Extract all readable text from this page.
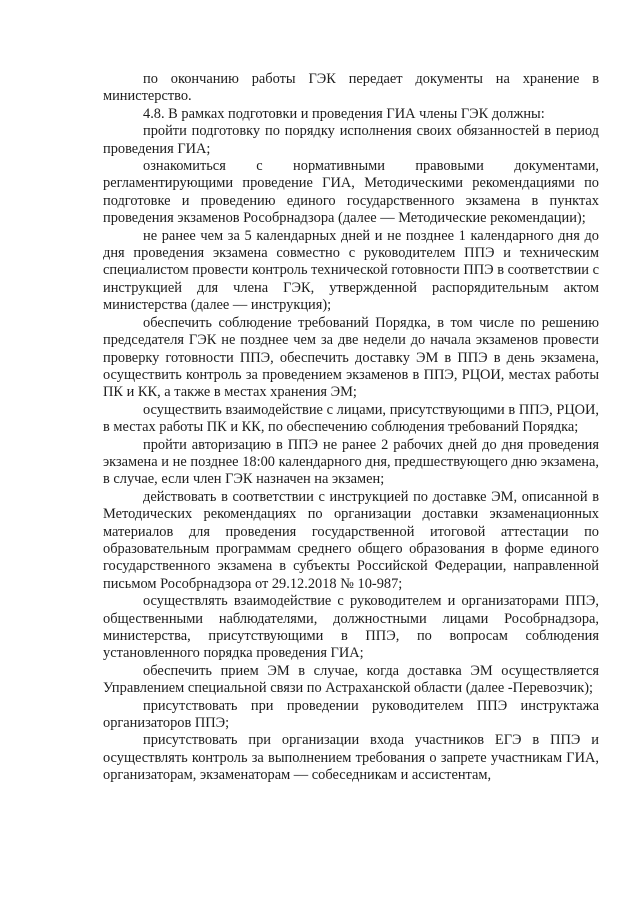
по окончанию работы ГЭК передает документы на хранение в министерство.

4.8. В рамках подготовки и проведения ГИА члены ГЭК должны:

пройти подготовку по порядку исполнения своих обязанностей в период проведения ГИА;

ознакомиться с нормативными правовыми документами, регламентирующими проведение ГИА, Методическими рекомендациями по подготовке и проведению единого государственного экзамена в пунктах проведения экзаменов Рособрнадзора (далее — Методические рекомендации);

не ранее чем за 5 календарных дней и не позднее 1 календарного дня до дня проведения экзамена совместно с руководителем ППЭ и техническим специалистом провести контроль технической готовности ППЭ в соответствии с инструкцией для члена ГЭК, утвержденной распорядительным актом министерства (далее — инструкция);

обеспечить соблюдение требований Порядка, в том числе по решению председателя ГЭК не позднее чем за две недели до начала экзаменов провести проверку готовности ППЭ, обеспечить доставку ЭМ в ППЭ в день экзамена, осуществить контроль за проведением экзаменов в ППЭ, РЦОИ, местах работы ПК и КК, а также в местах хранения ЭМ;

осуществить взаимодействие с лицами, присутствующими в ППЭ, РЦОИ, в местах работы ПК и КК, по обеспечению соблюдения требований Порядка;

пройти авторизацию в ППЭ не ранее 2 рабочих дней до дня проведения экзамена и не позднее 18:00 календарного дня, предшествующего дню экзамена, в случае, если член ГЭК назначен на экзамен;

действовать в соответствии с инструкцией по доставке ЭМ, описанной в Методических рекомендациях по организации доставки экзаменационных материалов для проведения государственной итоговой аттестации по образовательным программам среднего общего образования в форме единого государственного экзамена в субъекты Российской Федерации, направленной письмом Рособрнадзора от 29.12.2018 № 10-987;

осуществлять взаимодействие с руководителем и организаторами ППЭ, общественными наблюдателями, должностными лицами Рособрнадзора, министерства, присутствующими в ППЭ, по вопросам соблюдения установленного порядка проведения ГИА;

обеспечить прием ЭМ в случае, когда доставка ЭМ осуществляется Управлением специальной связи по Астраханской области (далее -Перевозчик);

присутствовать при проведении руководителем ППЭ инструктажа организаторов ППЭ;

присутствовать при организации входа участников ЕГЭ в ППЭ и осуществлять контроль за выполнением требования о запрете участникам ГИА, организаторам, экзаменаторам — собеседникам и ассистентам,
